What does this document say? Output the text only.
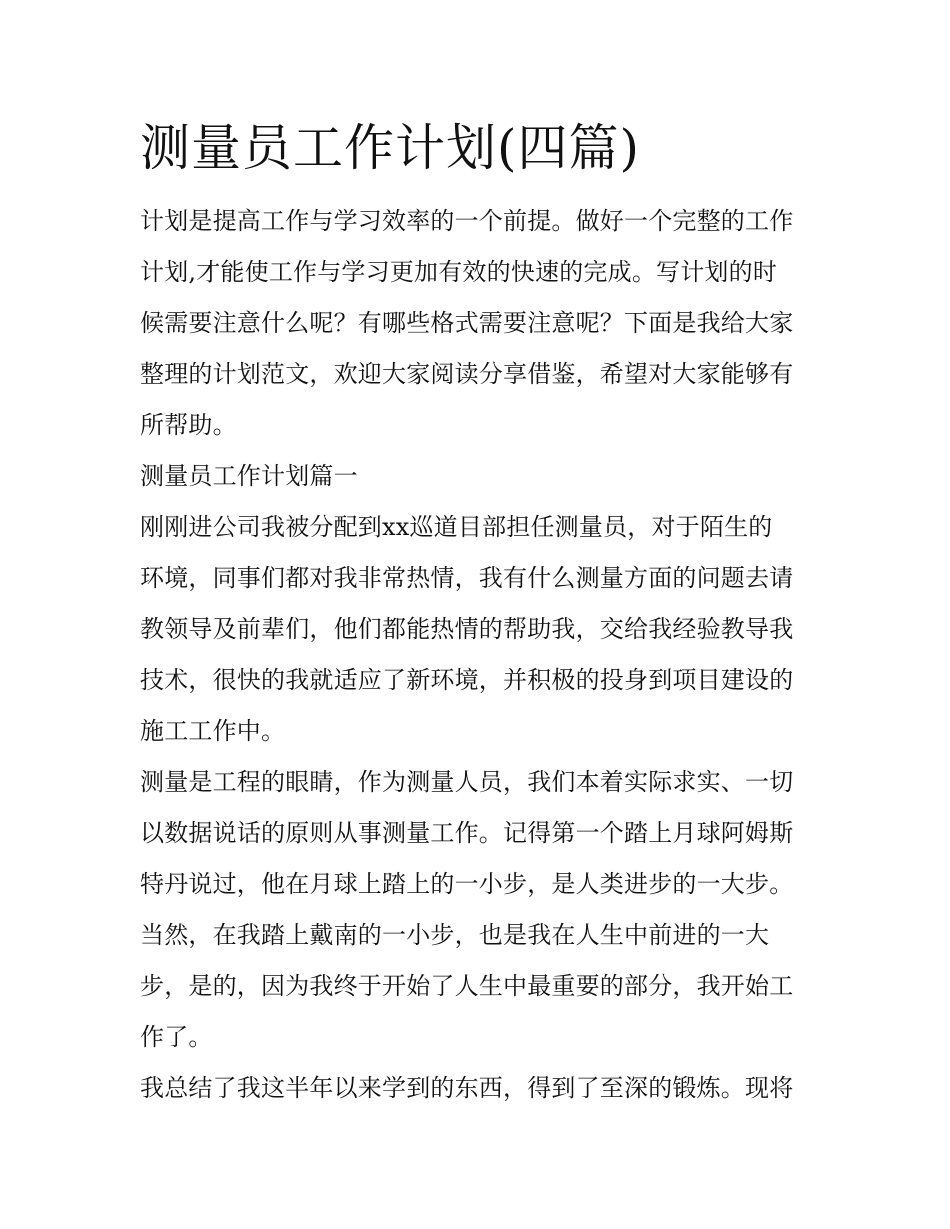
测量员工作计划(四篇)
计划是提高工作与学习效率的一个前提。做好一个完整的工作
计划,才能使工作与学习更加有效的快速的完成。写计划的时
候需要注意什么呢？有哪些格式需要注意呢？下面是我给大家
整理的计划范文，欢迎大家阅读分享借鉴，希望对大家能够有
所帮助。
测量员工作计划篇一
刚刚进公司我被分配到xx巡道目部担任测量员，对于陌生的
环境，同事们都对我非常热情，我有什么测量方面的问题去请
教领导及前辈们，他们都能热情的帮助我，交给我经验教导我
技术，很快的我就适应了新环境，并积极的投身到项目建设的
施工工作中。
测量是工程的眼睛，作为测量人员，我们本着实际求实、一切
以数据说话的原则从事测量工作。记得第一个踏上月球阿姆斯
特丹说过，他在月球上踏上的一小步，是人类进步的一大步。
当然，在我踏上戴南的一小步，也是我在人生中前进的一大
步，是的，因为我终于开始了人生中最重要的部分，我开始工
作了。
我总结了我这半年以来学到的东西，得到了至深的锻炼。现将
